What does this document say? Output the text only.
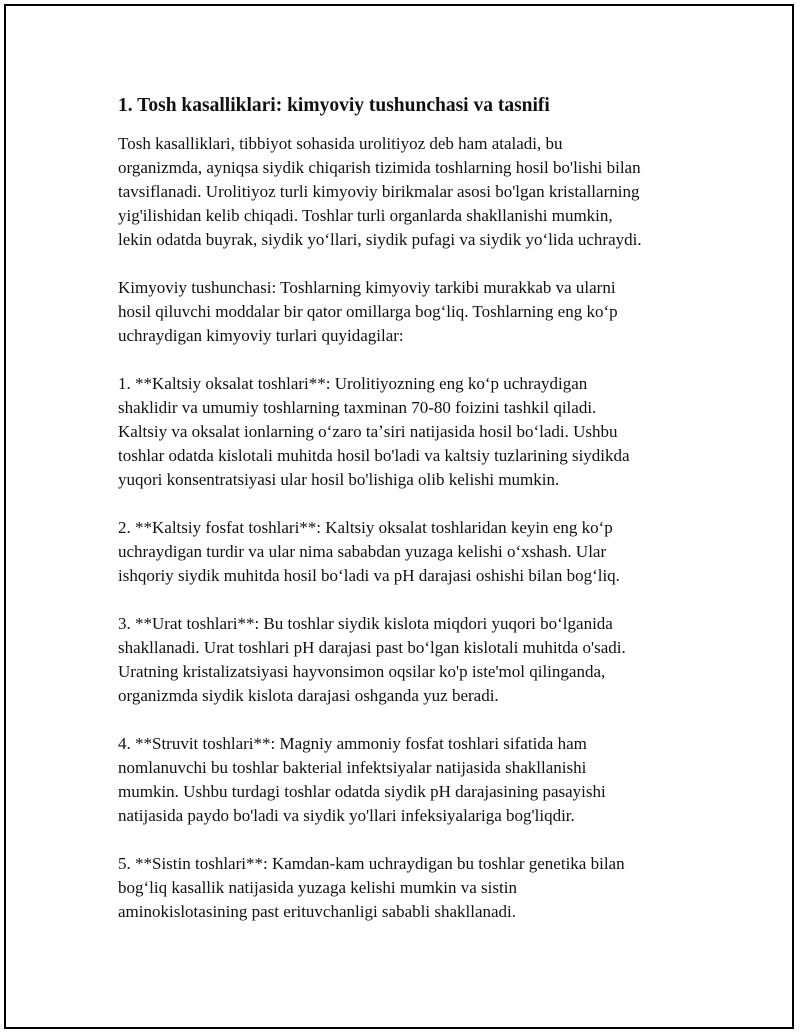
1. Tosh kasalliklari: kimyoviy tushunchasi va tasnifi
Tosh kasalliklari, tibbiyot sohasida urolitiyoz deb ham ataladi, bu
organizmda, ayniqsa siydik chiqarish tizimida toshlarning hosil bo'lishi bilan
tavsiflanadi. Urolitiyoz turli kimyoviy birikmalar asosi bo'lgan kristallarning
yig'ilishidan kelib chiqadi. Toshlar turli organlarda shakllanishi mumkin,
lekin odatda buyrak, siydik yoʻllari, siydik pufagi va siydik yoʻlida uchraydi.
Kimyoviy tushunchasi: Toshlarning kimyoviy tarkibi murakkab va ularni
hosil qiluvchi moddalar bir qator omillarga bogʻliq. Toshlarning eng koʻp
uchraydigan kimyoviy turlari quyidagilar:
1. **Kaltsiy oksalat toshlari**: Urolitiyozning eng koʻp uchraydigan
shaklidir va umumiy toshlarning taxminan 70-80 foizini tashkil qiladi.
Kaltsiy va oksalat ionlarning oʻzaro taʼsiri natijasida hosil boʻladi. Ushbu
toshlar odatda kislotali muhitda hosil bo'ladi va kaltsiy tuzlarining siydikda
yuqori konsentratsiyasi ular hosil bo'lishiga olib kelishi mumkin.
2. **Kaltsiy fosfat toshlari**: Kaltsiy oksalat toshlaridan keyin eng koʻp
uchraydigan turdir va ular nima sababdan yuzaga kelishi oʻxshash. Ular
ishqoriy siydik muhitda hosil boʻladi va pH darajasi oshishi bilan bogʻliq.
3. **Urat toshlari**: Bu toshlar siydik kislota miqdori yuqori boʻlganida
shakllanadi. Urat toshlari pH darajasi past boʻlgan kislotali muhitda o'sadi.
Uratning kristalizatsiyasi hayvonsimon oqsilar ko'p iste'mol qilinganda,
organizmda siydik kislota darajasi oshganda yuz beradi.
4. **Struvit toshlari**: Magniy ammoniy fosfat toshlari sifatida ham
nomlanuvchi bu toshlar bakterial infektsiyalar natijasida shakllanishi
mumkin. Ushbu turdagi toshlar odatda siydik pH darajasining pasayishi
natijasida paydo bo'ladi va siydik yo'llari infeksiyalariga bog'liqdir.
5. **Sistin toshlari**: Kamdan-kam uchraydigan bu toshlar genetika bilan
bogʻliq kasallik natijasida yuzaga kelishi mumkin va sistin
aminokislotasining past erituvchanligi sababli shakllanadi.
